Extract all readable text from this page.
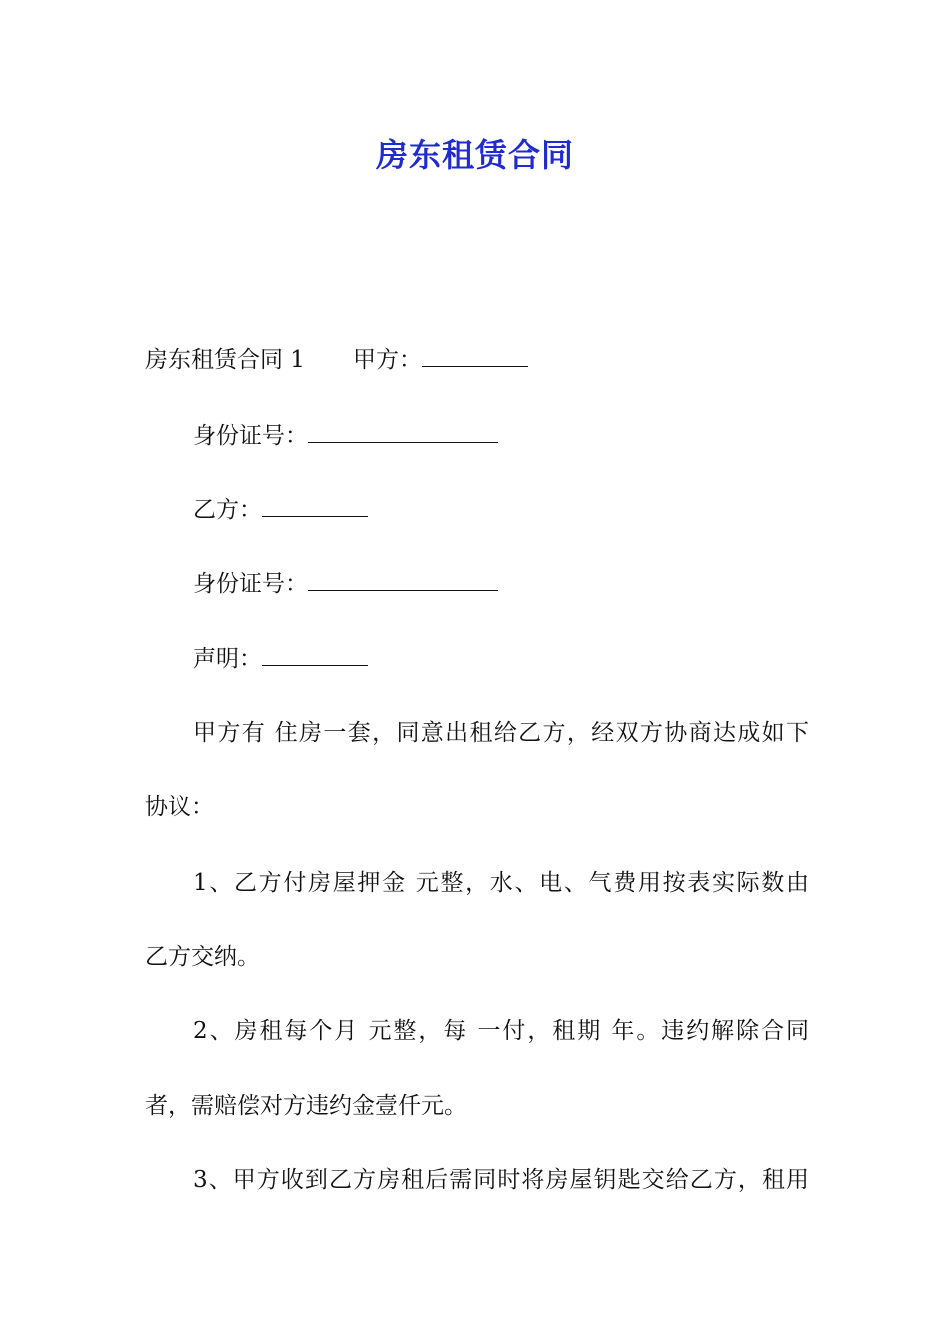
房东租赁合同
房东租赁合同 1 甲方：
身份证号：
乙方：
身份证号：
声明：
甲方有 住房一套，同意出租给乙方，经双方协商达成如下
协议：
1、乙方付房屋押金 元整，水、电、气费用按表实际数由
乙方交纳。
2、房租每个月 元整，每 一付，租期 年。违约解除合同
者，需赔偿对方违约金壹仟元。
3、甲方收到乙方房租后需同时将房屋钥匙交给乙方，租用
